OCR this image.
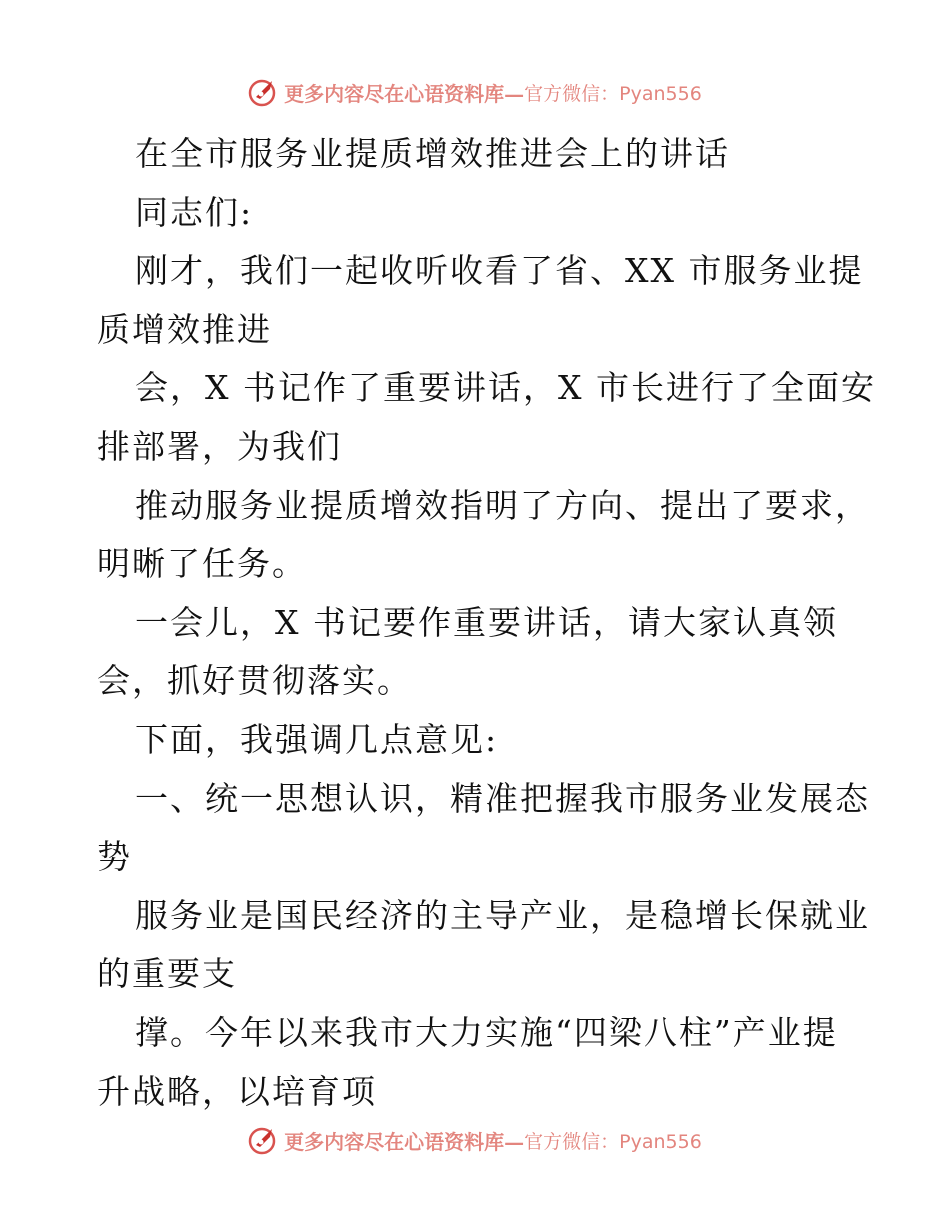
更多内容尽在心语资料库— 官方微信：Pyan556
在全市服务业提质增效推进会上的讲话
同志们:
刚才，我们一起收听收看了省、XX 市服务业提
质增效推进
会，X 书记作了重要讲话，X 市长进行了全面安
排部署，为我们
推动服务业提质增效指明了方向、提出了要求，
明晰了任务。
一会儿，X 书记要作重要讲话，请大家认真领
会，抓好贯彻落实。
下面，我强调几点意见:
一、统一思想认识，精准把握我市服务业发展态
势
服务业是国民经济的主导产业，是稳增长保就业
的重要支
撑。今年以来我市大力实施“四梁八柱”产业提
升战略，以培育项
更多内容尽在心语资料库— 官方微信：Pyan556
